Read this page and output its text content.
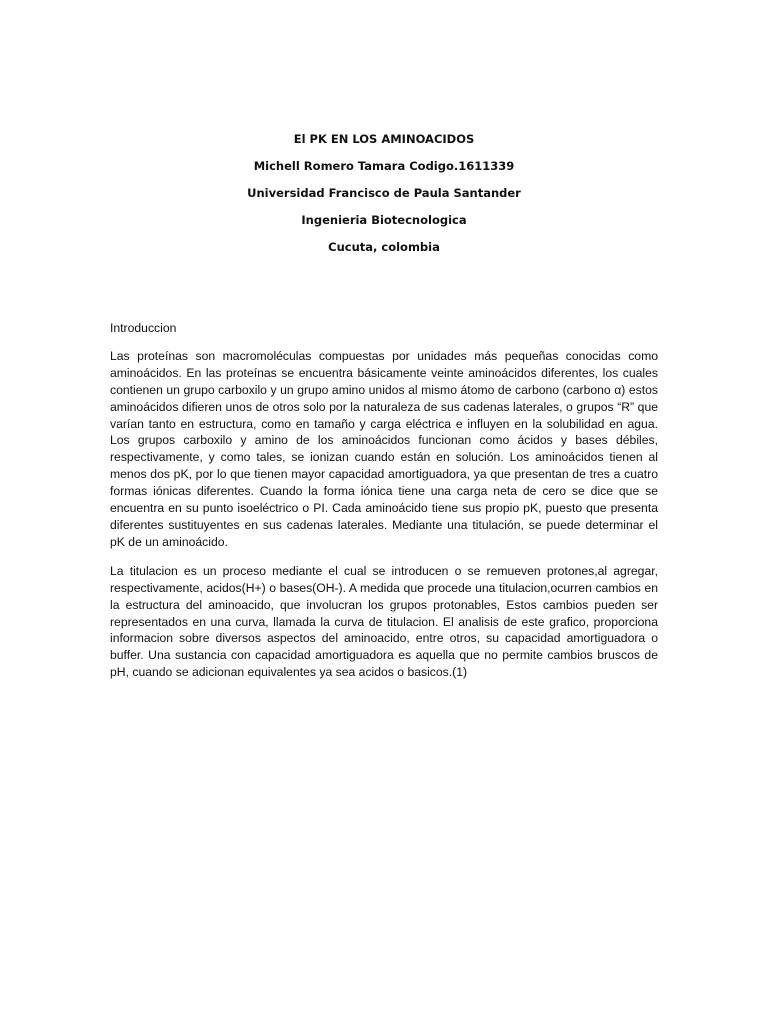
El PK EN LOS AMINOACIDOS
Michell Romero Tamara Codigo.1611339
Universidad Francisco de Paula Santander
Ingenieria Biotecnologica
Cucuta, colombia
Introduccion

Las proteínas son macromoléculas compuestas por unidades más pequeñas conocidas como aminoácidos. En las proteínas se encuentra básicamente veinte aminoácidos diferentes, los cuales contienen un grupo carboxilo y un grupo amino unidos al mismo átomo de carbono (carbono α) estos aminoácidos difieren unos de otros solo por la naturaleza de sus cadenas laterales, o grupos “R” que varían tanto en estructura, como en tamaño y carga eléctrica e influyen en la solubilidad en agua. Los grupos carboxilo y amino de los aminoácidos funcionan como ácidos y bases débiles, respectivamente, y como tales, se ionizan cuando están en solución. Los aminoácidos tienen al menos dos pK, por lo que tienen mayor capacidad amortiguadora, ya que presentan de tres a cuatro formas iónicas diferentes. Cuando la forma iónica tiene una carga neta de cero se dice que se encuentra en su punto isoeléctrico o PI. Cada aminoácido tiene sus propio pK, puesto que presenta diferentes sustituyentes en sus cadenas laterales. Mediante una titulación, se puede determinar el pK de un aminoácido.

La titulacion es un proceso mediante el cual se introducen o se remueven protones,al agregar, respectivamente, acidos(H+) o bases(OH-). A medida que procede una titulacion,ocurren cambios en la estructura del aminoacido, que involucran los grupos protonables, Estos cambios pueden ser representados en una curva, llamada la curva de titulacion. El analisis de este grafico, proporciona informacion sobre diversos aspectos del aminoacido, entre otros, su capacidad amortiguadora o buffer. Una sustancia con capacidad amortiguadora es aquella que no permite cambios bruscos de pH, cuando se adicionan equivalentes ya sea acidos o basicos.(1)
